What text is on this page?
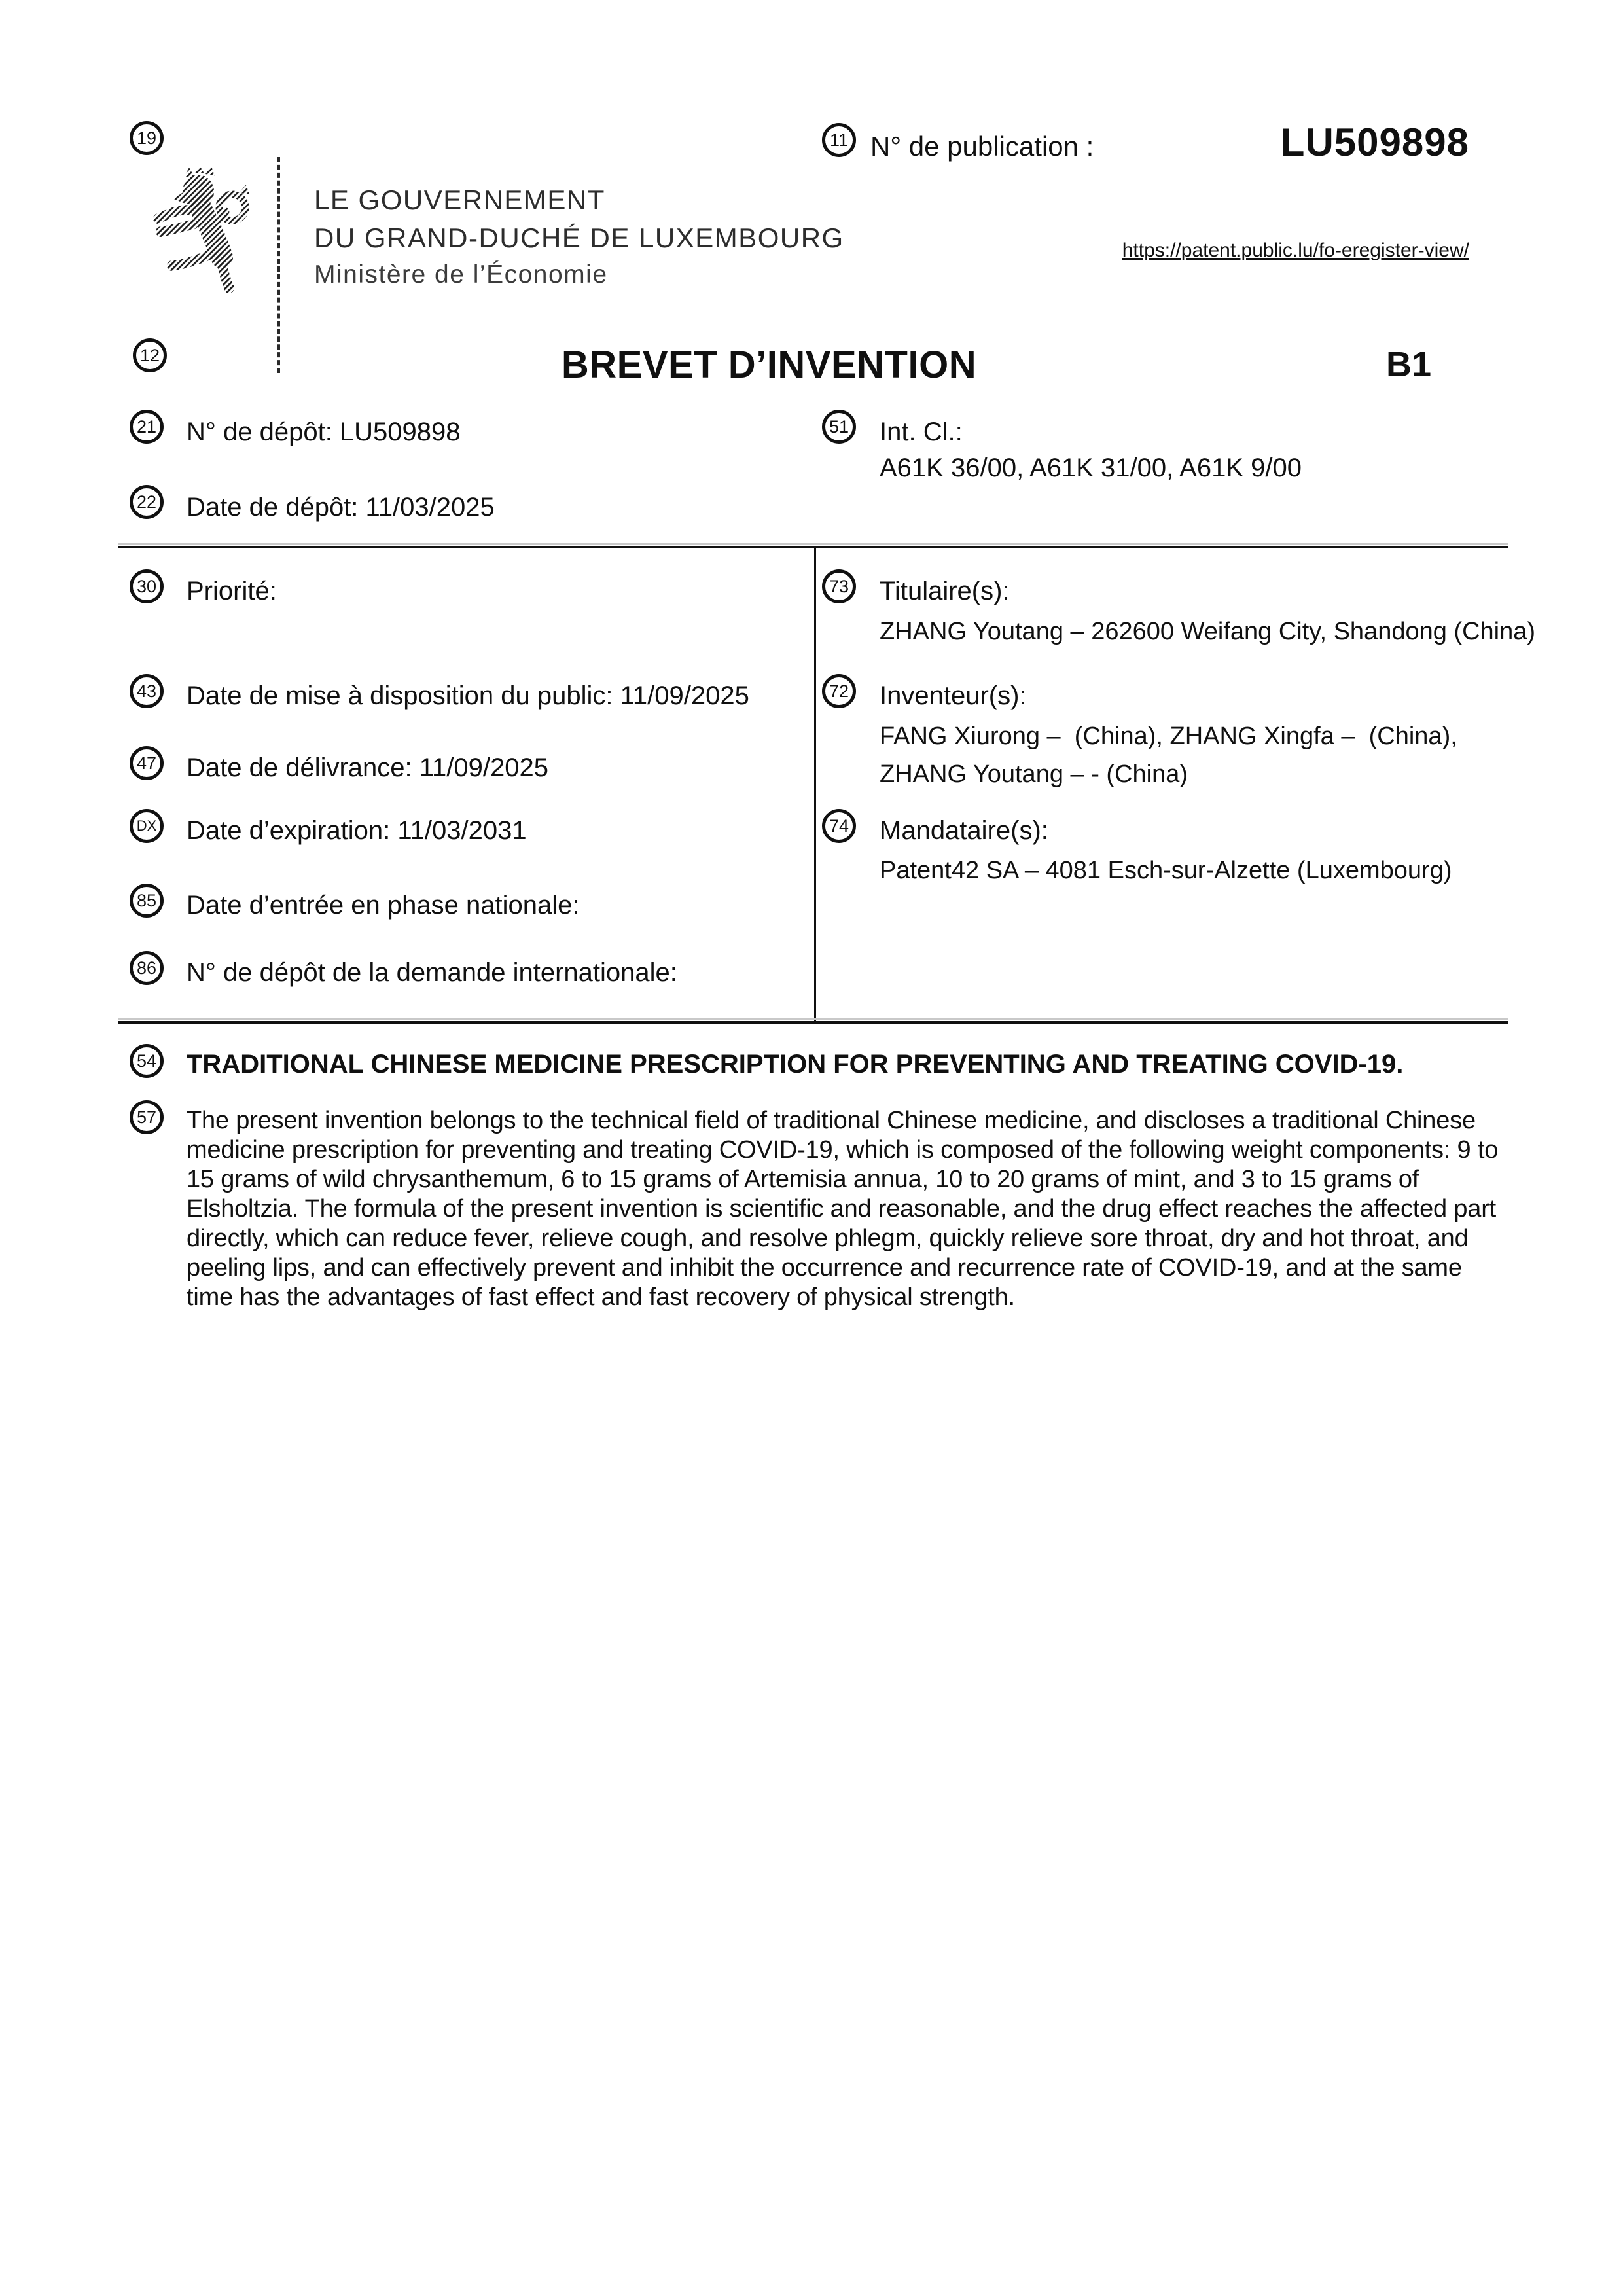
19
LE GOUVERNEMENT
DU GRAND-DUCHÉ DE LUXEMBOURG
Ministère de l’Économie
11 N° de publication :	LU509898
https://patent.public.lu/fo-eregister-view/
12	BREVET D’INVENTION	B1
21 N° de dépôt: LU509898
22 Date de dépôt: 11/03/2025
51 Int. Cl.:
A61K 36/00, A61K 31/00, A61K 9/00
30 Priorité:
43 Date de mise à disposition du public: 11/09/2025
47 Date de délivrance: 11/09/2025
DX Date d’expiration: 11/03/2031
85 Date d’entrée en phase nationale:
86 N° de dépôt de la demande internationale:
73 Titulaire(s):
ZHANG Youtang – 262600 Weifang City, Shandong (China)
72 Inventeur(s):
FANG Xiurong –  (China), ZHANG Xingfa –  (China),
ZHANG Youtang – - (China)
74 Mandataire(s):
Patent42 SA – 4081 Esch-sur-Alzette (Luxembourg)
54 TRADITIONAL CHINESE MEDICINE PRESCRIPTION FOR PREVENTING AND TREATING COVID-19.
57 The present invention belongs to the technical field of traditional Chinese medicine, and discloses a traditional Chinese medicine prescription for preventing and treating COVID-19, which is composed of the following weight components: 9 to 15 grams of wild chrysanthemum, 6 to 15 grams of Artemisia annua, 10 to 20 grams of mint, and 3 to 15 grams of Elsholtzia. The formula of the present invention is scientific and reasonable, and the drug effect reaches the affected part directly, which can reduce fever, relieve cough, and resolve phlegm, quickly relieve sore throat, dry and hot throat, and peeling lips, and can effectively prevent and inhibit the occurrence and recurrence rate of COVID-19, and at the same time has the advantages of fast effect and fast recovery of physical strength.
